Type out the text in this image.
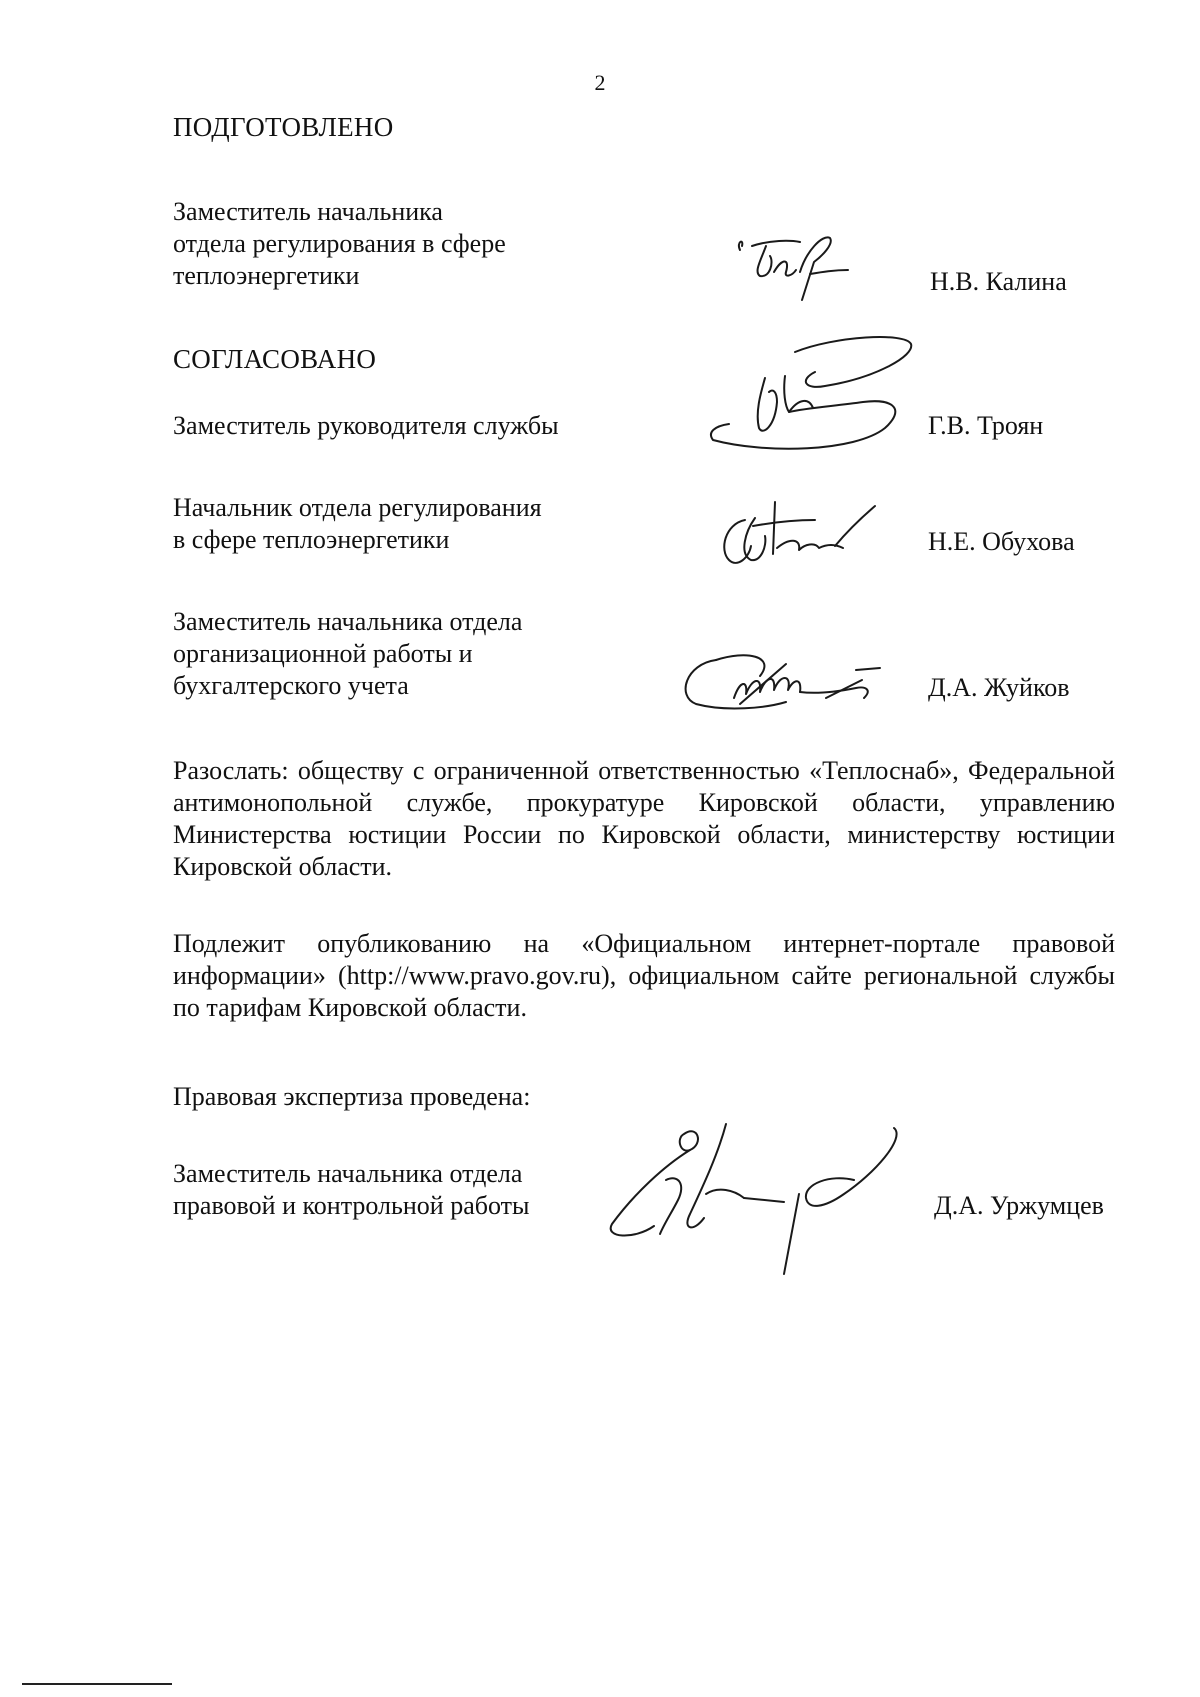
2
ПОДГОТОВЛЕНО
Заместитель начальника
отдела регулирования в сфере
теплоэнергетики	Н.В. Калина
СОГЛАСОВАНО
Заместитель руководителя службы	Г.В. Троян
Начальник отдела регулирования
в сфере теплоэнергетики	Н.Е. Обухова
Заместитель начальника отдела
организационной работы и
бухгалтерского учета	Д.А. Жуйков
Разослать: обществу с ограниченной ответственностью «Теплоснаб», Федеральной антимонопольной службе, прокуратуре Кировской области, управлению Министерства юстиции России по Кировской области, министерству юстиции Кировской области.
Подлежит опубликованию на «Официальном интернет-портале правовой информации» (http://www.pravo.gov.ru), официальном сайте региональной службы по тарифам Кировской области.
Правовая экспертиза проведена:
Заместитель начальника отдела
правовой и контрольной работы	Д.А. Уржумцев
